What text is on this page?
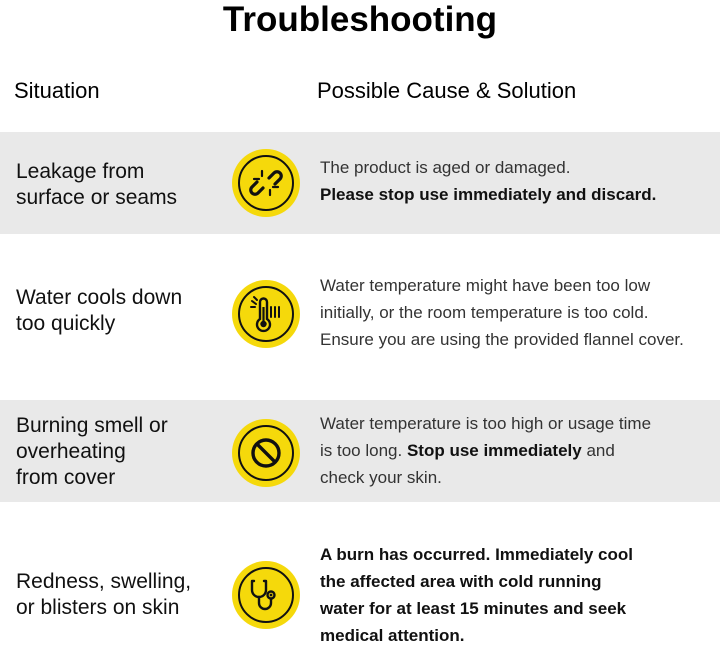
Troubleshooting
Situation	Possible Cause & Solution
Leakage from
surface or seams
The product is aged or damaged.
Please stop use immediately and discard.
Water cools down
too quickly
Water temperature might have been too low
initially, or the room temperature is too cold.
Ensure you are using the provided flannel cover.
Burning smell or
overheating
from cover
Water temperature is too high or usage time
is too long. Stop use immediately and
check your skin.
Redness, swelling,
or blisters on skin
A burn has occurred. Immediately cool
the affected area with cold running
water for at least 15 minutes and seek
medical attention.
